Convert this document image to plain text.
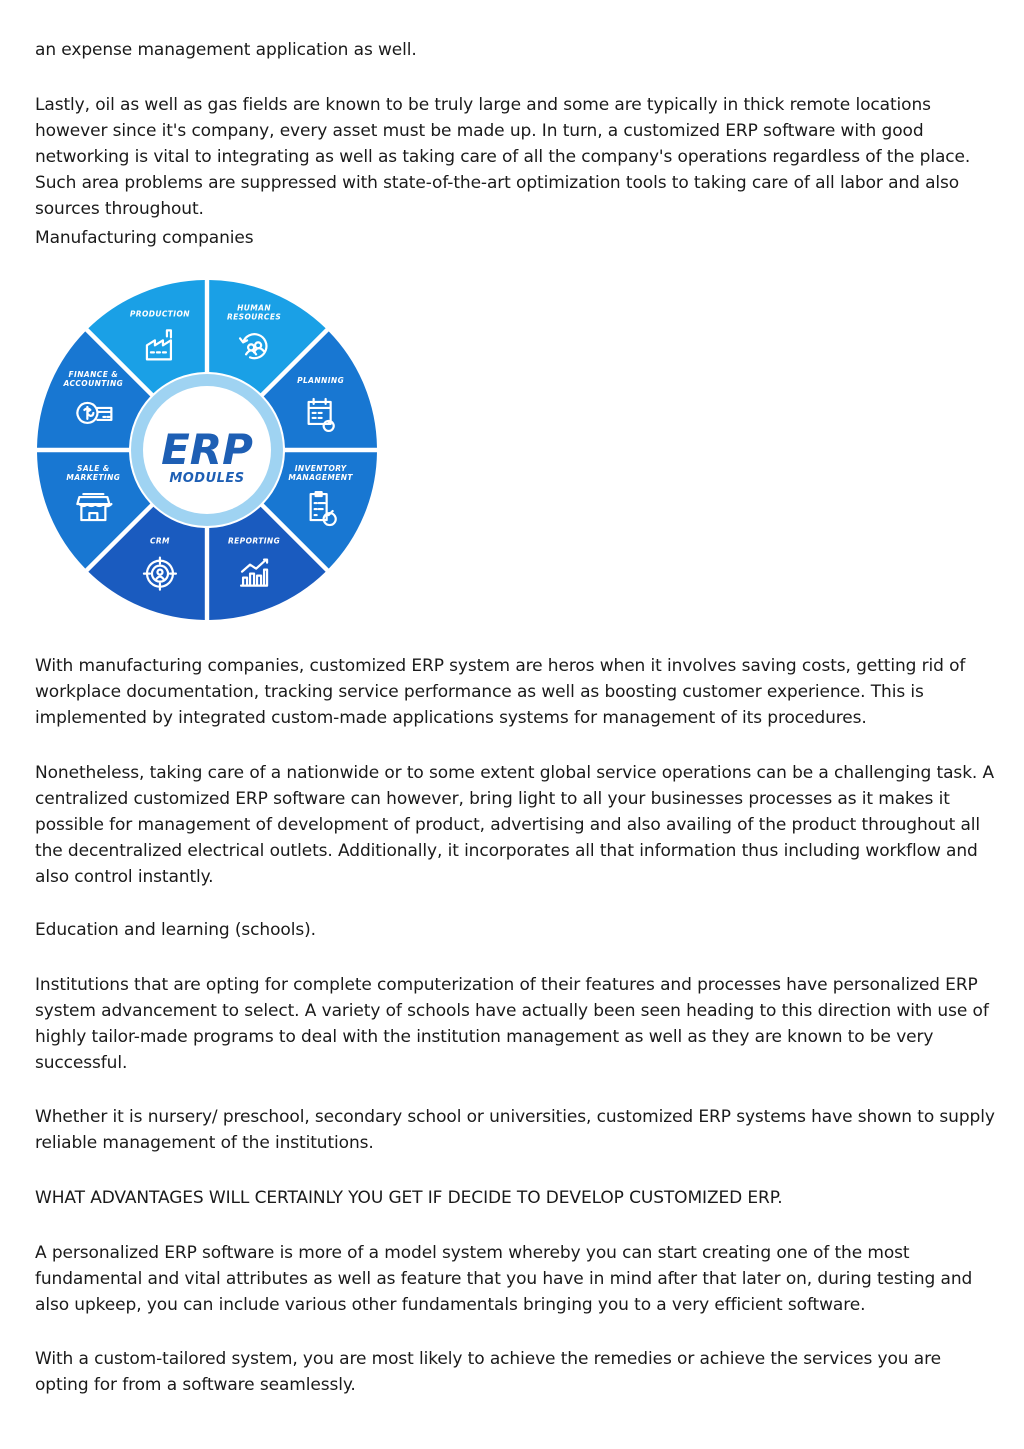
an expense management application as well.

Lastly, oil as well as gas fields are known to be truly large and some are typically in thick remote locations however since it's company, every asset must be made up. In turn, a customized ERP software with good networking is vital to integrating as well as taking care of all the company's operations regardless of the place. Such area problems are suppressed with state-of-the-art optimization tools to taking care of all labor and also sources throughout.

Manufacturing companies

HUMAN RESOURCES
PLANNING
INVENTORY MANAGEMENT
REPORTING
CRM
SALE & MARKETING
FINANCE & ACCOUNTING
PRODUCTION
ERP
MODULES

With manufacturing companies, customized ERP system are heros when it involves saving costs, getting rid of workplace documentation, tracking service performance as well as boosting customer experience. This is implemented by integrated custom-made applications systems for management of its procedures.

Nonetheless, taking care of a nationwide or to some extent global service operations can be a challenging task. A centralized customized ERP software can however, bring light to all your businesses processes as it makes it possible for management of development of product, advertising and also availing of the product throughout all the decentralized electrical outlets. Additionally, it incorporates all that information thus including workflow and also control instantly.

Education and learning (schools).

Institutions that are opting for complete computerization of their features and processes have personalized ERP system advancement to select. A variety of schools have actually been seen heading to this direction with use of highly tailor-made programs to deal with the institution management as well as they are known to be very successful.

Whether it is nursery/ preschool, secondary school or universities, customized ERP systems have shown to supply reliable management of the institutions.

WHAT ADVANTAGES WILL CERTAINLY YOU GET IF DECIDE TO DEVELOP CUSTOMIZED ERP.

A personalized ERP software is more of a model system whereby you can start creating one of the most fundamental and vital attributes as well as feature that you have in mind after that later on, during testing and also upkeep, you can include various other fundamentals bringing you to a very efficient software.

With a custom-tailored system, you are most likely to achieve the remedies or achieve the services you are opting for from a software seamlessly.
